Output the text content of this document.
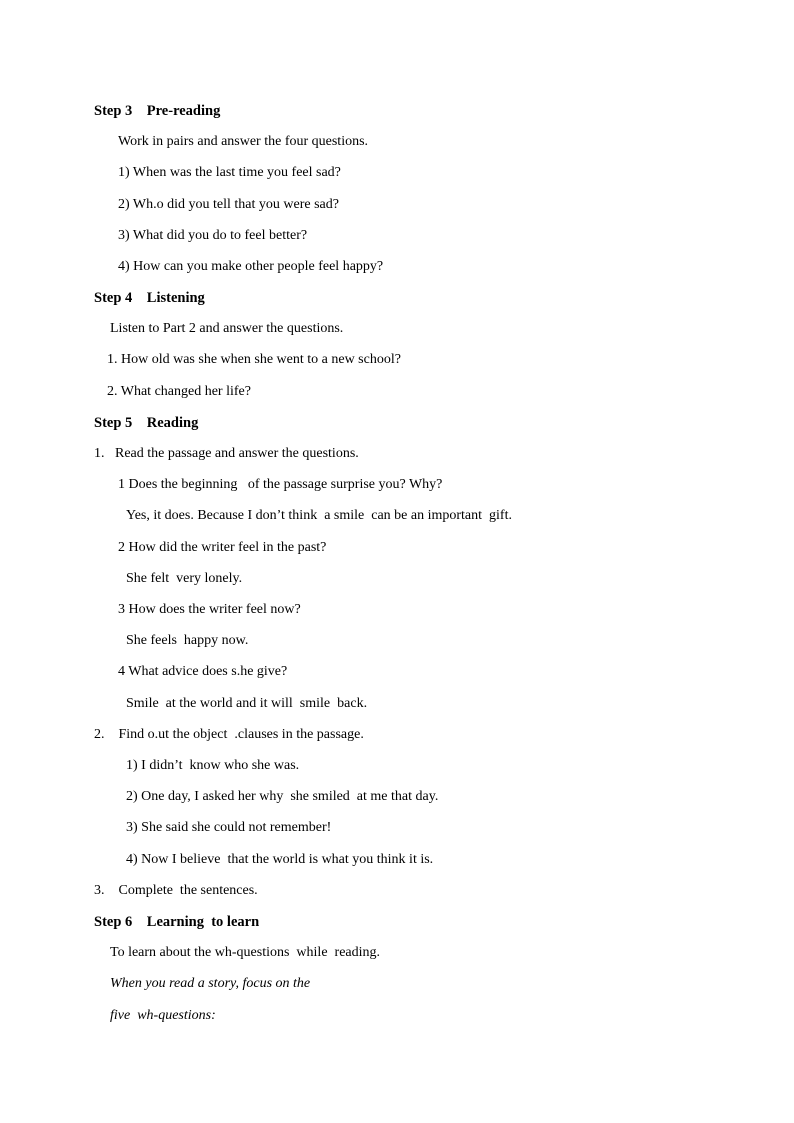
Step 3    Pre-reading

Work in pairs and answer the four questions.

1) When was the last time you feel sad?

2) Wh.o did you tell that you were sad?

3) What did you do to feel better?

4) How can you make other people feel happy?

Step 4    Listening

Listen to Part 2 and answer the questions.

1. How old was she when she went to a new school?

2. What changed her life?

Step 5    Reading

1.   Read the passage and answer the questions.

1 Does the beginning   of the passage surprise you? Why?

Yes, it does. Because I don’t think  a smile  can be an important  gift.

2 How did the writer feel in the past?

She felt  very lonely.

3 How does the writer feel now?

She feels  happy now.

4 What advice does s.he give?

Smile  at the world and it will  smile  back.

2.    Find o.ut the object  .clauses in the passage.

1) I didn’t  know who she was.

2) One day, I asked her why  she smiled  at me that day.

3) She said she could not remember!

4) Now I believe  that the world is what you think it is.

3.    Complete  the sentences.

Step 6    Learning  to learn

To learn about the wh-questions  while  reading.

When you read a story, focus on the

five  wh-questions:
